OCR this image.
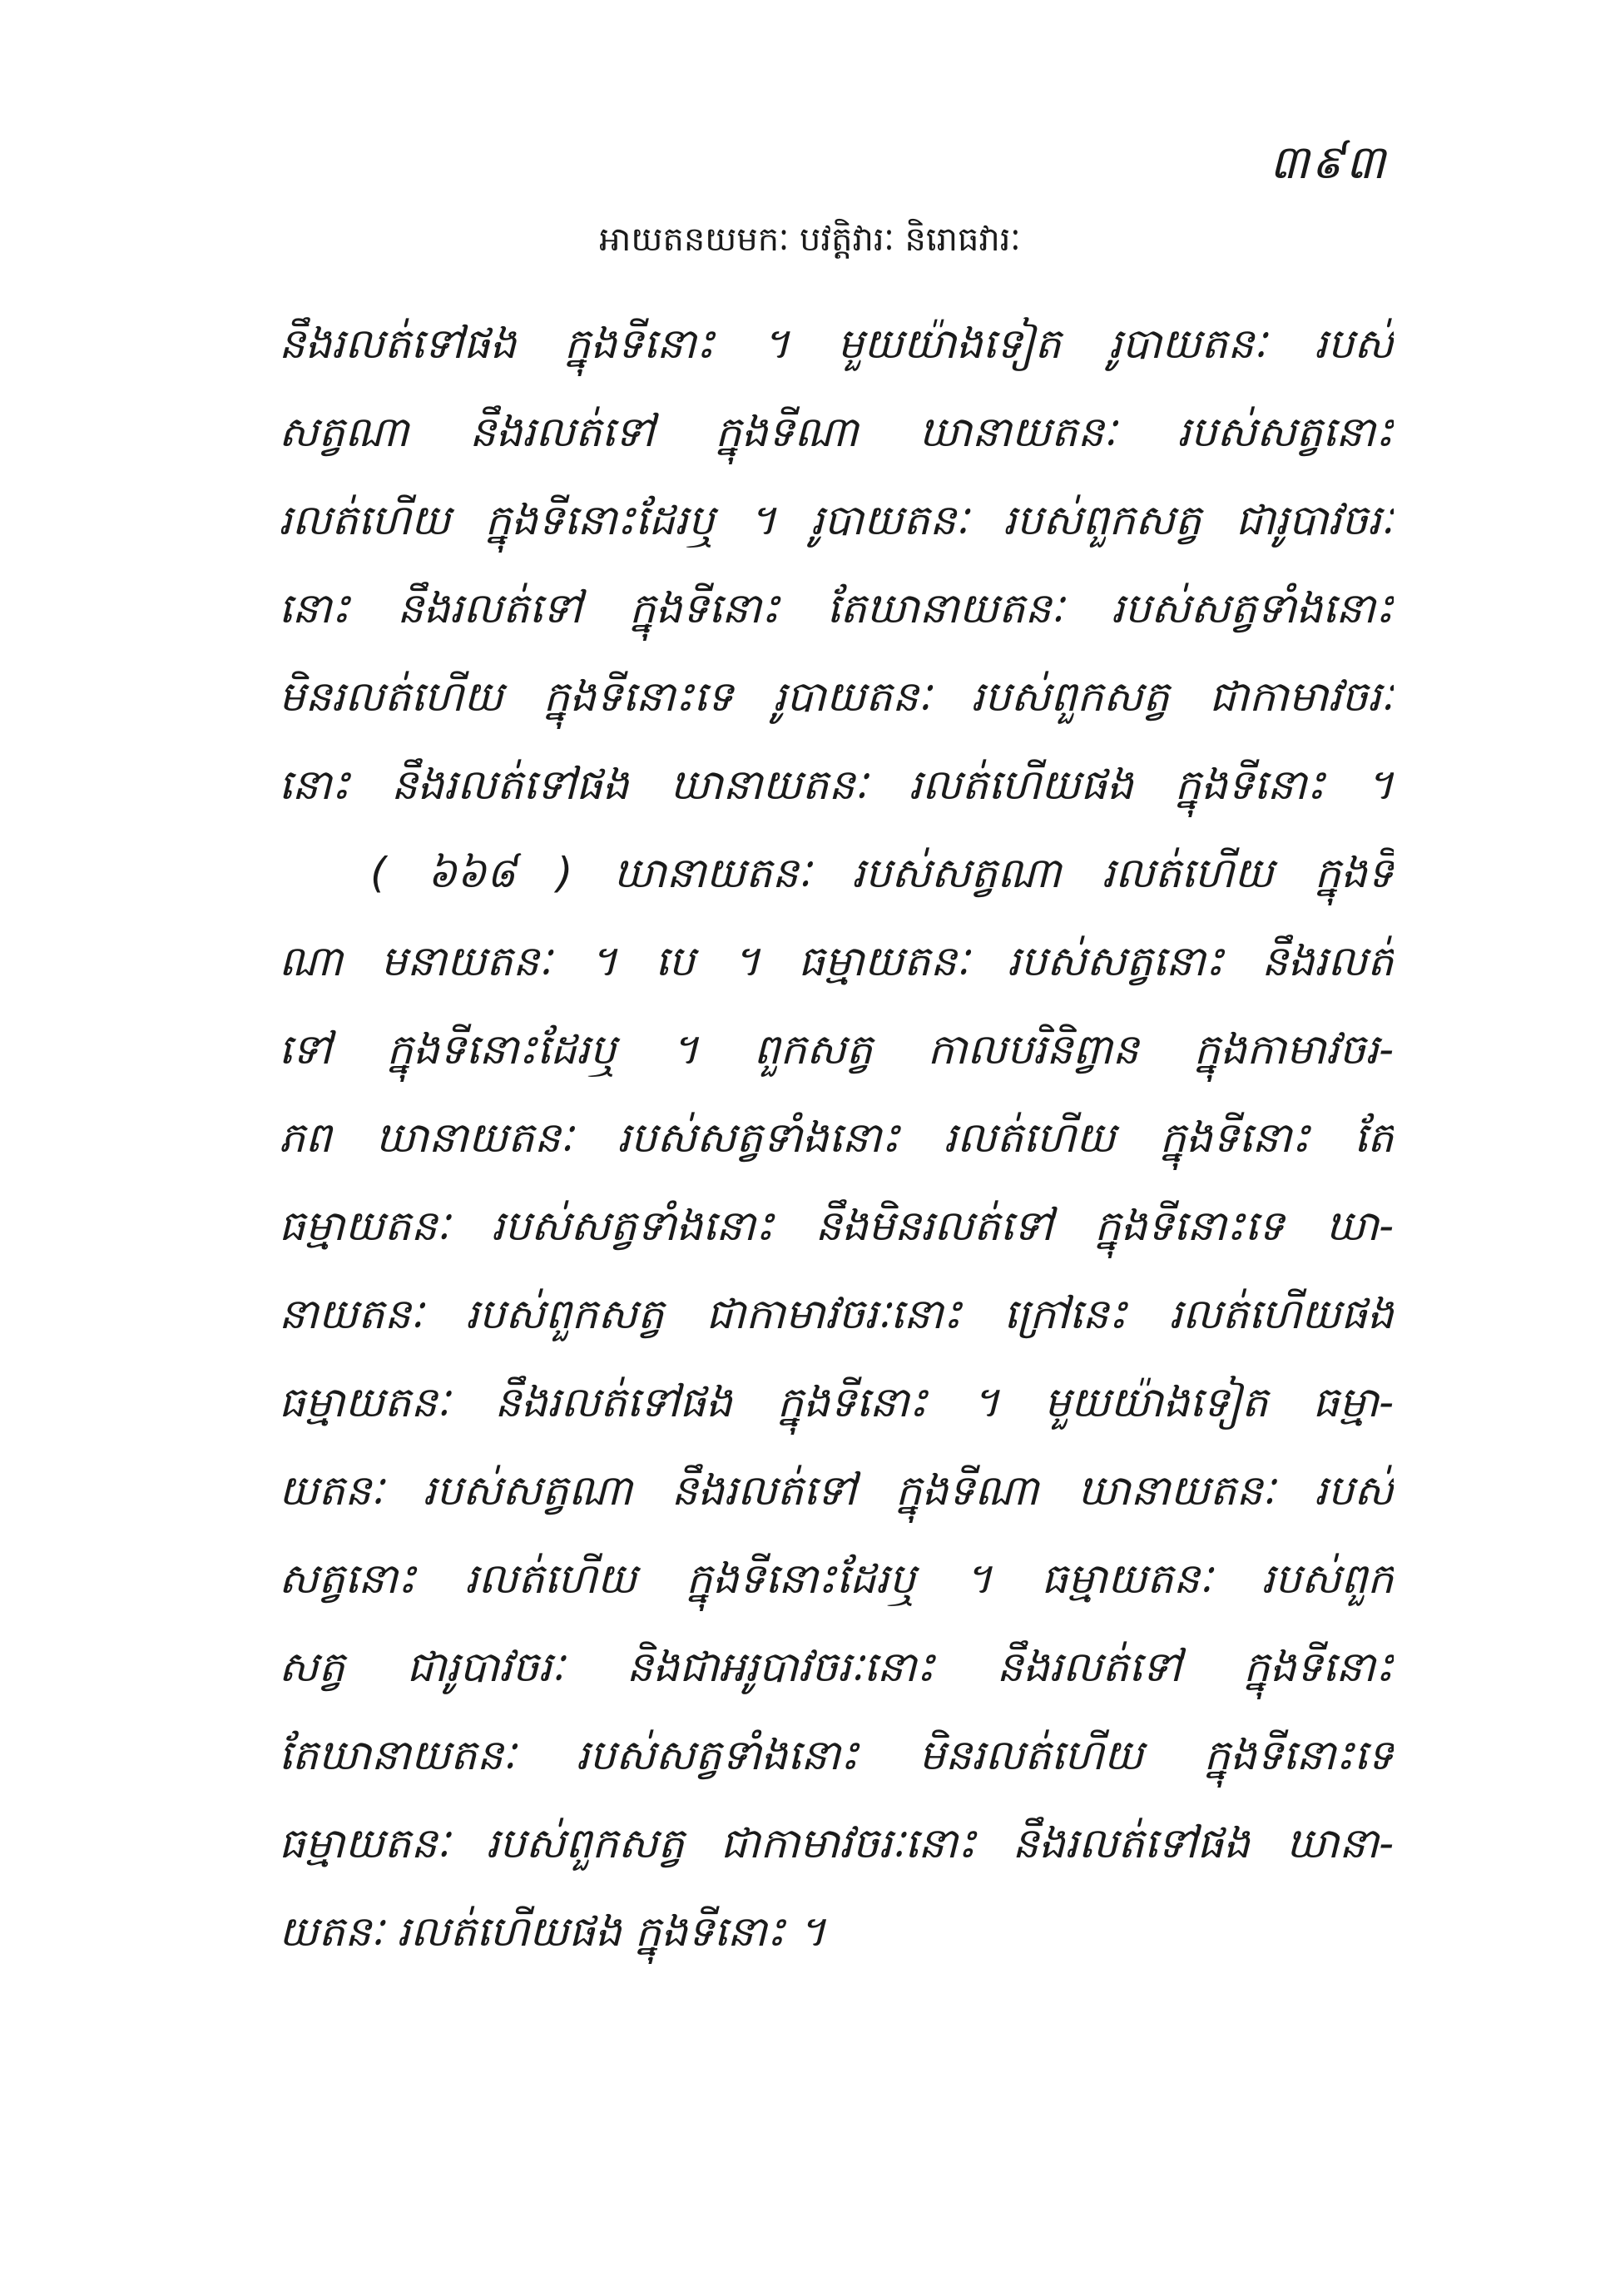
៣៩៣
អាយតនយមកៈ បវត្តិវារៈ និរោធវារៈ
នឹងរលត់ទៅផង ក្នុងទីនោះ ។ មួយយ៉ាងទៀត រូបាយតនៈ របស់
សត្វណា នឹងរលត់ទៅ ក្នុងទីណា ឃានាយតនៈ របស់សត្វនោះ
រលត់ហើយ ក្នុងទីនោះដែរឬ ។ រូបាយតនៈ របស់ពួកសត្វ ជារូបាវចរៈ
នោះ នឹងរលត់ទៅ ក្នុងទីនោះ តែឃានាយតនៈ របស់សត្វទាំងនោះ
មិនរលត់ហើយ ក្នុងទីនោះទេ រូបាយតនៈ របស់ពួកសត្វ ជាកាមាវចរៈ
នោះ នឹងរលត់ទៅផង ឃានាយតនៈ រលត់ហើយផង ក្នុងទីនោះ ។
( ៦៦៨ ) ឃានាយតនៈ របស់សត្វណា រលត់ហើយ ក្នុងទី
ណា មនាយតនៈ ។ បេ ។ ធម្មាយតនៈ របស់សត្វនោះ នឹងរលត់
ទៅ ក្នុងទីនោះដែរឬ ។ ពួកសត្វ កាលបរិនិព្វាន ក្នុងកាមាវចរ-
ភព ឃានាយតនៈ របស់សត្វទាំងនោះ រលត់ហើយ ក្នុងទីនោះ តែ
ធម្មាយតនៈ របស់សត្វទាំងនោះ នឹងមិនរលត់ទៅ ក្នុងទីនោះទេ ឃា-
នាយតនៈ របស់ពួកសត្វ ជាកាមាវចរៈនោះ ក្រៅនេះ រលត់ហើយផង
ធម្មាយតនៈ នឹងរលត់ទៅផង ក្នុងទីនោះ ។ មួយយ៉ាងទៀត ធម្មា-
យតនៈ របស់សត្វណា នឹងរលត់ទៅ ក្នុងទីណា ឃានាយតនៈ របស់
សត្វនោះ រលត់ហើយ ក្នុងទីនោះដែរឬ ។ ធម្មាយតនៈ របស់ពួក
សត្វ ជារូបាវចរៈ និងជាអរូបាវចរៈនោះ នឹងរលត់ទៅ ក្នុងទីនោះ
តែឃានាយតនៈ របស់សត្វទាំងនោះ មិនរលត់ហើយ ក្នុងទីនោះទេ
ធម្មាយតនៈ របស់ពួកសត្វ ជាកាមាវចរៈនោះ នឹងរលត់ទៅផង ឃានា-
យតនៈ រលត់ហើយផង ក្នុងទីនោះ ។
